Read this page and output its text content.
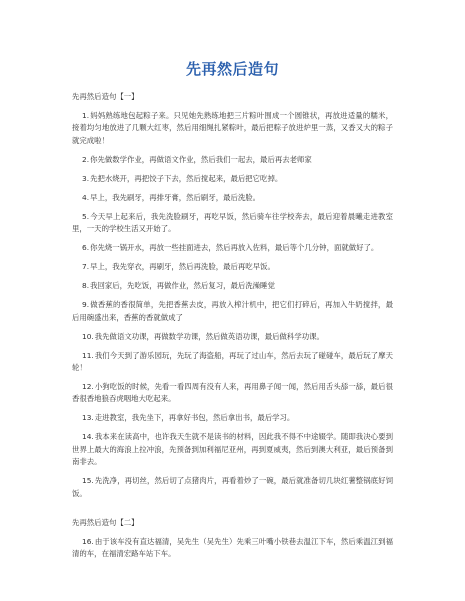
先再然后造句
先再然后造句【一】

1.妈妈熟练地包起粽子来。只见她先熟练地把三片粽叶围成一个圆锥状，再放进适量的糯米，接着均匀地放进了几颗大红枣，然后用细绳扎紧粽叶，最后把粽子放进炉里一蒸，又香又大的粽子就完成啦！

2.你先做数学作业，再做语文作业，然后我们一起去，最后再去老师家

3.先把水烧开，再把饺子下去，然后搅起来，最后把它吃掉。

4.早上，我先刷牙，再排牙膏，然后刷牙，最后洗脸。

5.今天早上起来后，我先洗脸刷牙，再吃早饭，然后骑车往学校奔去，最后迎着晨曦走进教室里，一天的学校生活又开始了。

6.你先烧一锅开水，再放一些挂面进去，然后再放入佐料，最后等个几分钟，面就做好了。

7.早上，我先穿衣，再刷牙，然后再洗脸，最后再吃早饭。

8.我回家后，先吃饭，再做作业，然后复习，最后洗澡睡觉

9.做香蕉的香很简单，先把香蕉去皮，再放入榨汁机中，把它们打碎后，再加入牛奶搅拌，最后用碗盛出来，香蕉的香就做成了

10.我先做语文功课，再做数学功课，然后做英语功课，最后做科学功课。

11.我们今天到了游乐园玩，先玩了海盗船，再玩了过山车，然后去玩了碰碰车，最后玩了摩天轮！

12.小狗吃饭的时候，先看一看四周有没有人来，再用鼻子闻一闻，然后用舌头舔一舔，最后很香很香地狼吞虎咽地大吃起来。

13.走进教室，我先坐下，再拿好书包，然后拿出书，最后学习。

14.我本来在读高中，也许我天生就不是读书的材料，因此我不得不中途辍学。随即我决心要到世界上最大的海浪上拉冲浪，先预备到加利福尼亚州，再到夏威夷，然后到澳大利亚，最后预备到南非去。

15.先洗净，再切丝，然后切了点猪肉片，再看着炒了一碗，最后就准备切几块红薯整锅底好饲饭。

先再然后造句【二】

16.由于该车没有直达福清，吴先生（吴先生）先乘三叶嘴小铁巷去温江下车，然后乘温江到福清的车，在福清宏路车站下车。
